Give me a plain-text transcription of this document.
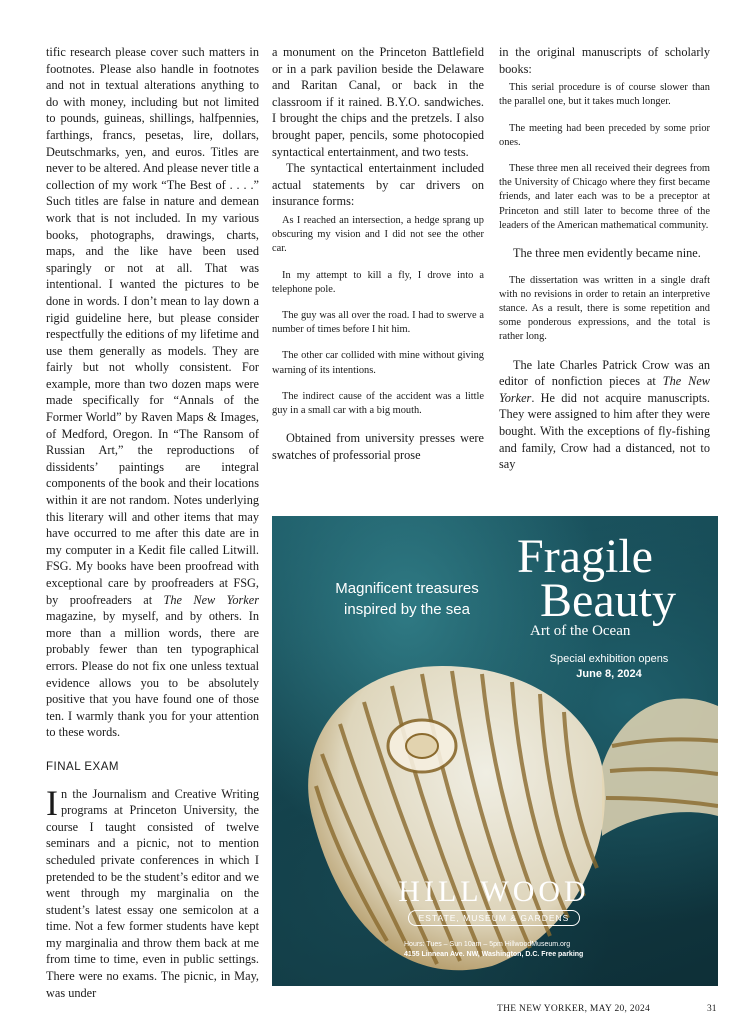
tific research please cover such matters in footnotes. Please also handle in footnotes and not in textual alterations anything to do with money, including but not limited to pounds, guineas, shillings, halfpennies, farthings, francs, pesetas, lire, dollars, Deutschmarks, yen, and euros. Titles are never to be altered. And please never title a collection of my work “The Best of . . . .” Such titles are false in nature and demean work that is not included. In my various books, photographs, drawings, charts, maps, and the like have been used sparingly or not at all. That was intentional. I wanted the pictures to be done in words. I don’t mean to lay down a rigid guideline here, but please consider respectfully the editions of my lifetime and use them generally as models. They are fairly but not wholly consistent. For example, more than two dozen maps were made specifically for “Annals of the Former World” by Raven Maps & Images, of Medford, Oregon. In “The Ransom of Russian Art,” the reproductions of dissidents’ paintings are integral components of the book and their locations within it are not random. Notes underlying this literary will and other items that may have occurred to me after this date are in my computer in a Kedit file called Litwill. FSG. My books have been proofread with exceptional care by proofreaders at FSG, by proofreaders at The New Yorker magazine, by myself, and by others. In more than a million words, there are probably fewer than ten typographical errors. Please do not fix one unless textual evidence allows you to be absolutely positive that you have found one of those ten. I warmly thank you for your attention to these words.

FINAL EXAM

In the Journalism and Creative Writing programs at Princeton University, the course I taught consisted of twelve seminars and a picnic, not to mention scheduled private conferences in which I pretended to be the student’s editor and we went through my marginalia on the student’s latest essay one semicolon at a time. Not a few former students have kept my marginalia and throw them back at me from time to time, even in public settings. There were no exams. The picnic, in May, was under

a monument on the Princeton Battlefield or in a park pavilion beside the Delaware and Raritan Canal, or back in the classroom if it rained. B.Y.O. sandwiches. I brought the chips and the pretzels. I also brought paper, pencils, some photocopied syntactical entertainment, and two tests.

The syntactical entertainment included actual statements by car drivers on insurance forms:

As I reached an intersection, a hedge sprang up obscuring my vision and I did not see the other car.

In my attempt to kill a fly, I drove into a telephone pole.

The guy was all over the road. I had to swerve a number of times before I hit him.

The other car collided with mine without giving warning of its intentions.

The indirect cause of the accident was a little guy in a small car with a big mouth.

Obtained from university presses were swatches of professorial prose

in the original manuscripts of scholarly books:

This serial procedure is of course slower than the parallel one, but it takes much longer.

The meeting had been preceded by some prior ones.

These three men all received their degrees from the University of Chicago where they first became friends, and later each was to be a preceptor at Princeton and still later to become three of the leaders of the American mathematical community.

The three men evidently became nine.

The dissertation was written in a single draft with no revisions in order to retain an interpretive stance. As a result, there is some repetition and some ponderous expressions, and the total is rather long.

The late Charles Patrick Crow was an editor of nonfiction pieces at The New Yorker. He did not acquire manuscripts. They were assigned to him after they were bought. With the exceptions of fly-fishing and family, Crow had a distanced, not to say

Magnificent treasures
inspired by the sea
Fragile
Beauty
Art of the Ocean
Special exhibition opens
June 8, 2024
HILLWOOD
ESTATE, MUSEUM & GARDENS
Hours: Tues – Sun 10am – 5pm HillwoodMuseum.org
4155 Linnean Ave. NW, Washington, D.C. Free parking
THE NEW YORKER, MAY 20, 2024	31
